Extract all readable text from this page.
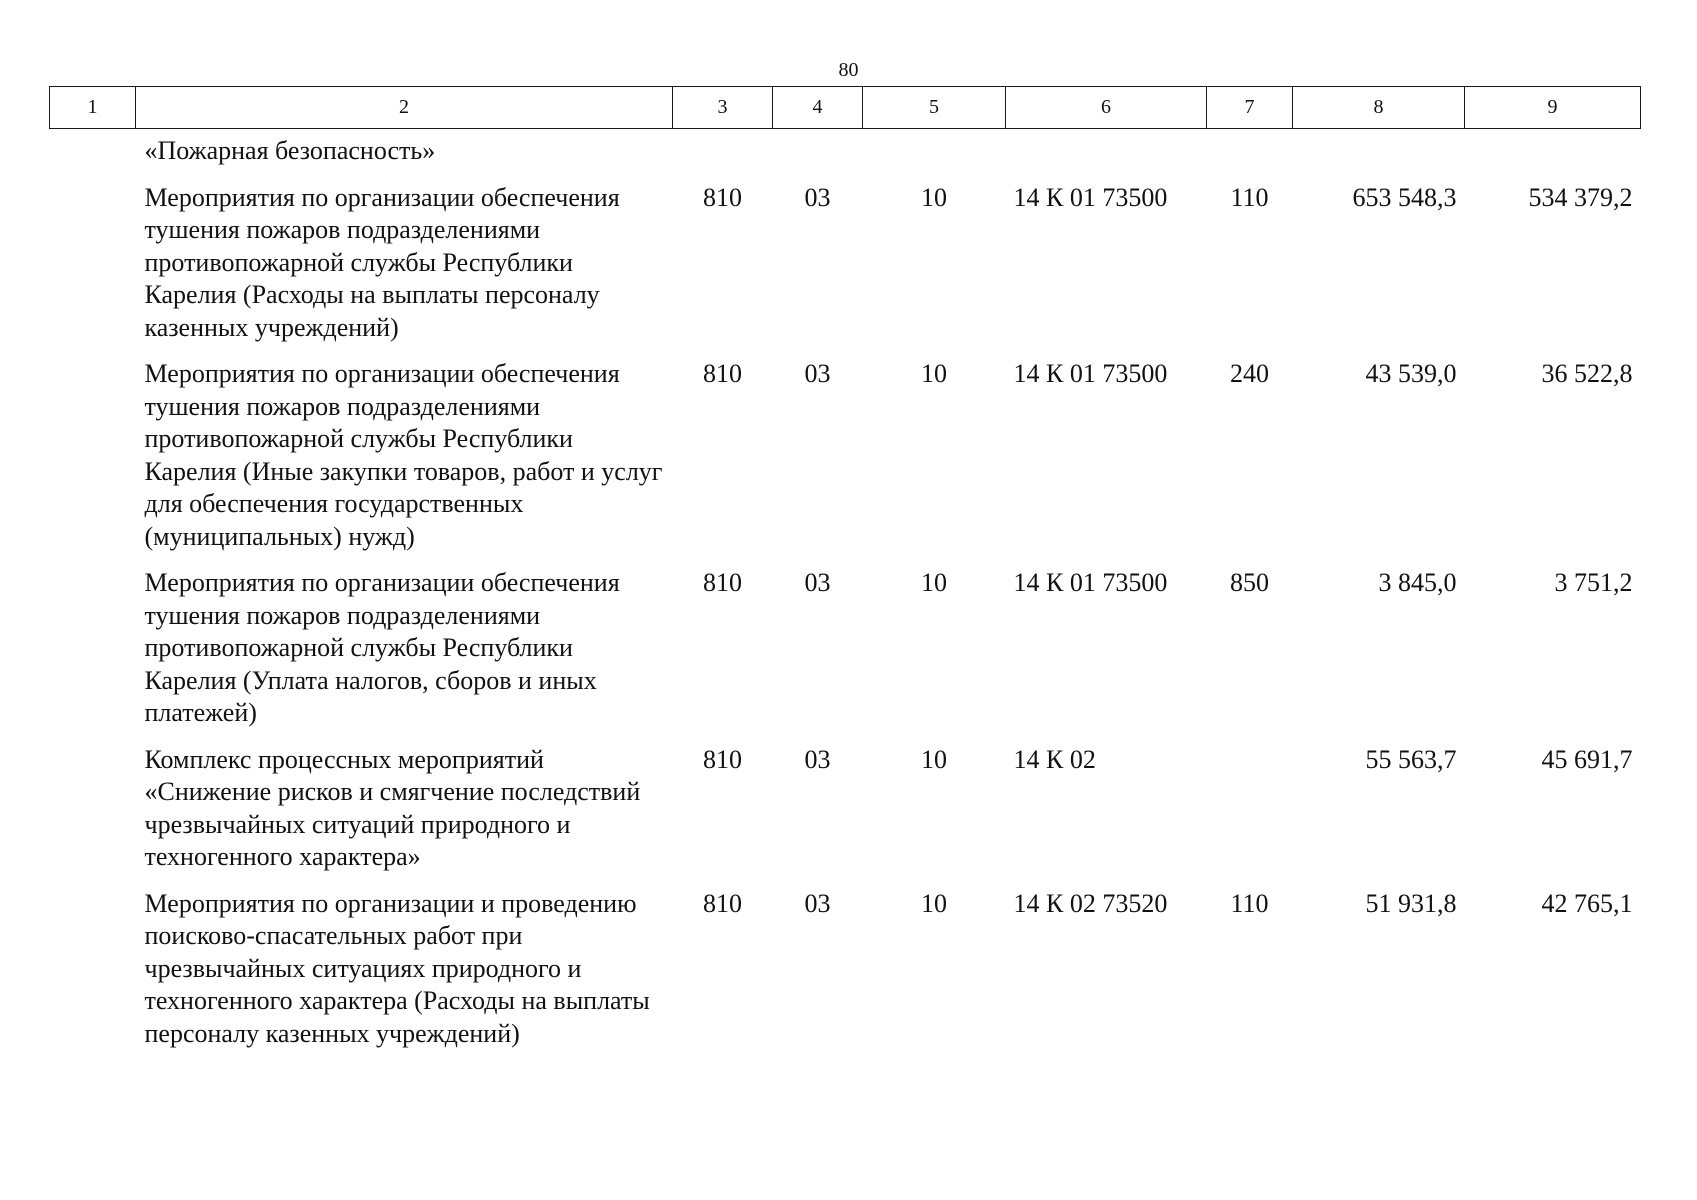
80
1	2	3	4	5	6	7	8	9
	«Пожарная безопасность»							
	Мероприятия по организации обеспечения тушения пожаров подразделениями противопожарной службы Республики Карелия (Расходы на выплаты персоналу казенных учреждений)	810	03	10	14 К 01 73500	110	653 548,3	534 379,2
	Мероприятия по организации обеспечения тушения пожаров подразделениями противопожарной службы Республики Карелия (Иные закупки товаров, работ и услуг для обеспечения государственных (муниципальных) нужд)	810	03	10	14 К 01 73500	240	43 539,0	36 522,8
	Мероприятия по организации обеспечения тушения пожаров подразделениями противопожарной службы Республики Карелия (Уплата налогов, сборов и иных платежей)	810	03	10	14 К 01 73500	850	3 845,0	3 751,2
	Комплекс процессных мероприятий «Снижение рисков и смягчение последствий чрезвычайных ситуаций природного и техногенного характера»	810	03	10	14 К 02		55 563,7	45 691,7
	Мероприятия по организации и проведению поисково-спасательных работ при чрезвычайных ситуациях природного и техногенного характера (Расходы на выплаты персоналу казенных учреждений)	810	03	10	14 К 02 73520	110	51 931,8	42 765,1
